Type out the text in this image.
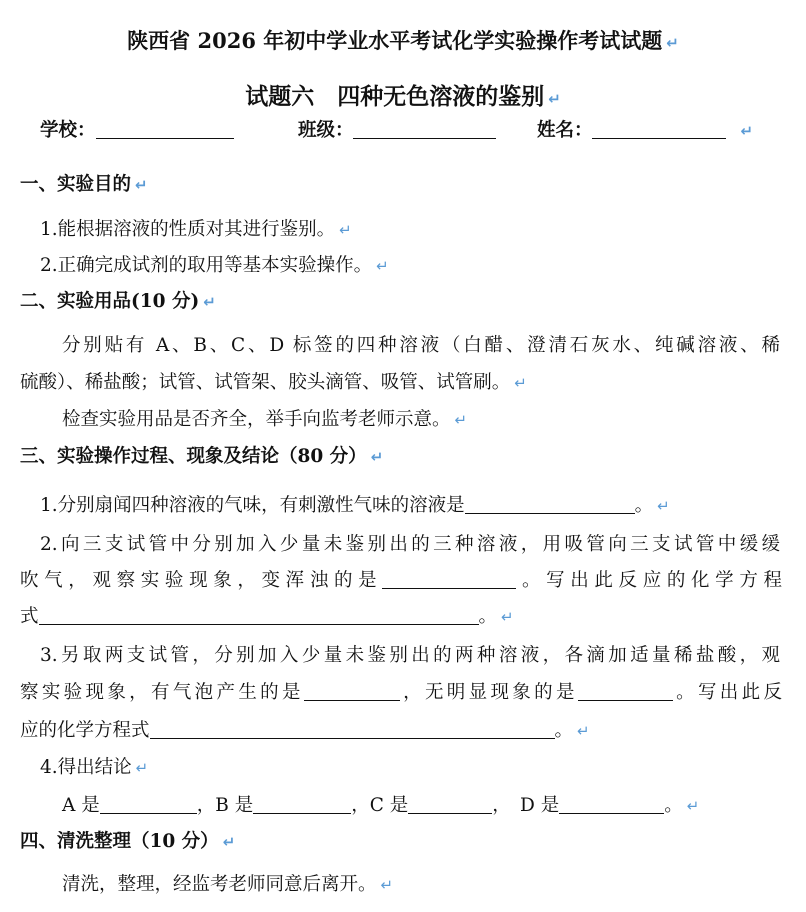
陕西省 2026 年初中学业水平考试化学实验操作考试试题 ↵
试题六　四种无色溶液的鉴别 ↵
学校：	班级：	姓名：	↵
一、实验目的 ↵
1.能根据溶液的性质对其进行鉴别。 ↵
2.正确完成试剂的取用等基本实验操作。 ↵
二、实验用品(10 分) ↵
分别贴有 A、B、C、D 标签的四种溶液（白醋、澄清石灰水、纯碱溶液、稀
硫酸）、稀盐酸；试管、试管架、胶头滴管、吸管、试管刷。 ↵
检查实验用品是否齐全，举手向监考老师示意。 ↵
三、实验操作过程、现象及结论（80 分） ↵
1.分别扇闻四种溶液的气味，有刺激性气味的溶液是	。 ↵
2.向三支试管中分别加入少量未鉴别出的三种溶液，用吸管向三支试管中缓缓
吹气，观察实验现象，变浑浊的是	。写出此反应的化学方程
式	。 ↵
3.另取两支试管，分别加入少量未鉴别出的两种溶液，各滴加适量稀盐酸，观
察实验现象，有气泡产生的是	，无明显现象的是	。写出此反
应的化学方程式	。 ↵
4.得出结论 ↵
A 是	，B 是	，C 是	，　D 是	。 ↵
四、清洗整理（10 分） ↵
清洗，整理，经监考老师同意后离开。 ↵
